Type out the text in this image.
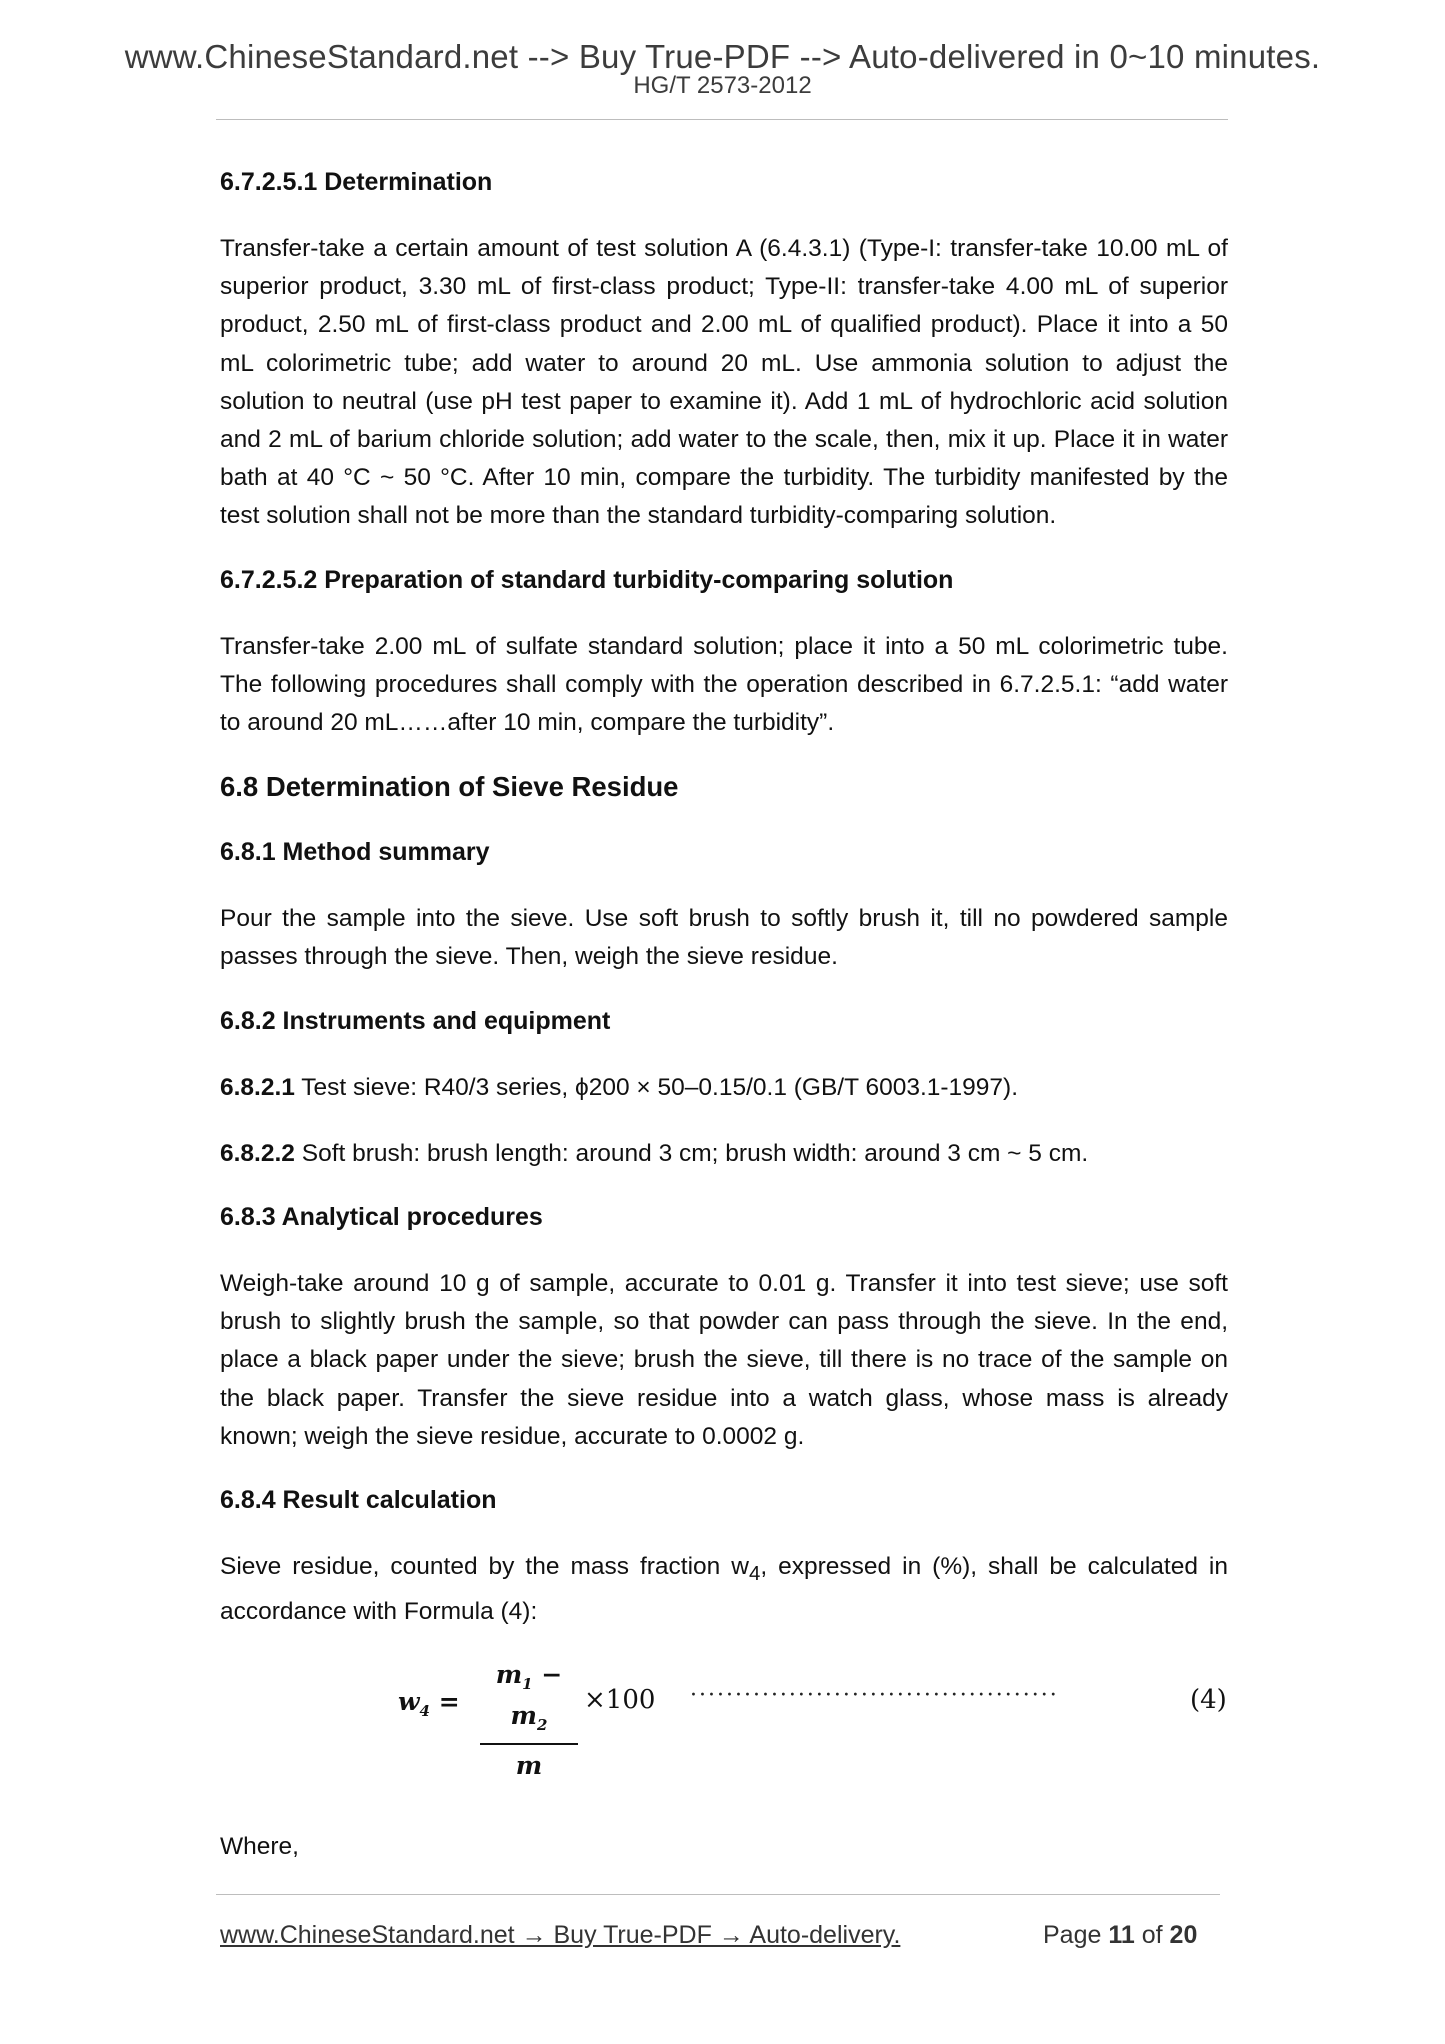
www.ChineseStandard.net --> Buy True-PDF --> Auto-delivered in 0~10 minutes.
HG/T 2573-2012
6.7.2.5.1 Determination
Transfer-take a certain amount of test solution A (6.4.3.1) (Type-I: transfer-take 10.00 mL of superior product, 3.30 mL of first-class product; Type-II: transfer-take 4.00 mL of superior product, 2.50 mL of first-class product and 2.00 mL of qualified product). Place it into a 50 mL colorimetric tube; add water to around 20 mL. Use ammonia solution to adjust the solution to neutral (use pH test paper to examine it). Add 1 mL of hydrochloric acid solution and 2 mL of barium chloride solution; add water to the scale, then, mix it up. Place it in water bath at 40 °C ~ 50 °C. After 10 min, compare the turbidity. The turbidity manifested by the test solution shall not be more than the standard turbidity-comparing solution.
6.7.2.5.2 Preparation of standard turbidity-comparing solution
Transfer-take 2.00 mL of sulfate standard solution; place it into a 50 mL colorimetric tube. The following procedures shall comply with the operation described in 6.7.2.5.1: “add water to around 20 mL……after 10 min, compare the turbidity”.
6.8 Determination of Sieve Residue
6.8.1 Method summary
Pour the sample into the sieve. Use soft brush to softly brush it, till no powdered sample passes through the sieve. Then, weigh the sieve residue.
6.8.2 Instruments and equipment
6.8.2.1 Test sieve: R40/3 series, ϕ200 × 50–0.15/0.1 (GB/T 6003.1-1997).
6.8.2.2 Soft brush: brush length: around 3 cm; brush width: around 3 cm ~ 5 cm.
6.8.3 Analytical procedures
Weigh-take around 10 g of sample, accurate to 0.01 g. Transfer it into test sieve; use soft brush to slightly brush the sample, so that powder can pass through the sieve. In the end, place a black paper under the sieve; brush the sieve, till there is no trace of the sample on the black paper. Transfer the sieve residue into a watch glass, whose mass is already known; weigh the sieve residue, accurate to 0.0002 g.
6.8.4 Result calculation
Sieve residue, counted by the mass fraction $w_4$, expressed in (%), shall be calculated in accordance with Formula (4):
$w_4$ =
$m_1 - m_2$
m
×100 ·········································	(4)
Where,
www.ChineseStandard.net → Buy True-PDF → Auto-delivery.	Page 11 of 20
